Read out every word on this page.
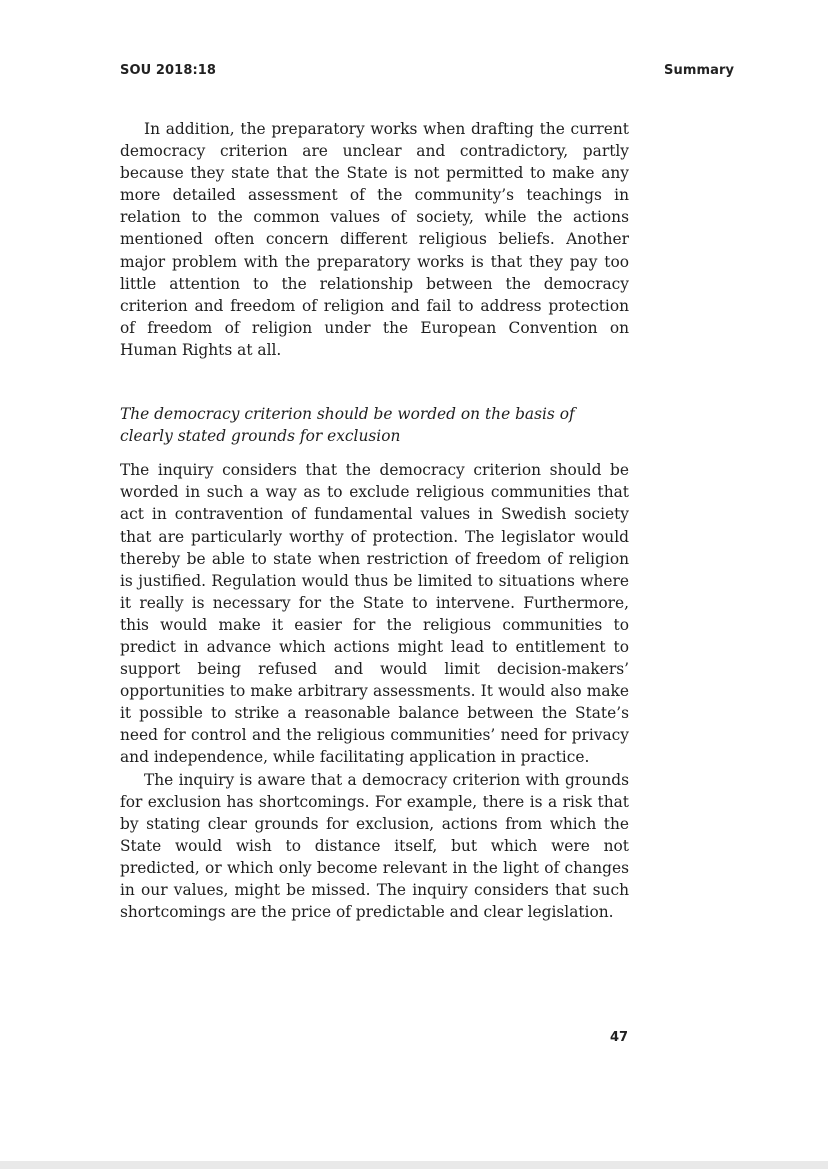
SOU 2018:18	Summary

In addition, the preparatory works when drafting the current democracy criterion are unclear and contradictory, partly because they state that the State is not permitted to make any more detailed assessment of the community’s teachings in relation to the common values of society, while the actions mentioned often concern different religious beliefs. Another major problem with the preparatory works is that they pay too little attention to the relationship between the democracy criterion and freedom of religion and fail to address protection of freedom of religion under the European Convention on Human Rights at all.

The democracy criterion should be worded on the basis of clearly stated grounds for exclusion

The inquiry considers that the democracy criterion should be worded in such a way as to exclude religious communities that act in contravention of fundamental values in Swedish society that are particularly worthy of protection. The legislator would thereby be able to state when restriction of freedom of religion is justified. Regulation would thus be limited to situations where it really is necessary for the State to intervene. Furthermore, this would make it easier for the religious communities to predict in advance which actions might lead to entitlement to support being refused and would limit decision-makers’ opportunities to make arbitrary assessments. It would also make it possible to strike a reasonable balance between the State’s need for control and the religious communities’ need for privacy and independence, while facilitating application in practice.

The inquiry is aware that a democracy criterion with grounds for exclusion has shortcomings. For example, there is a risk that by stating clear grounds for exclusion, actions from which the State would wish to distance itself, but which were not predicted, or which only become relevant in the light of changes in our values, might be missed. The inquiry considers that such shortcomings are the price of predictable and clear legislation.

47
